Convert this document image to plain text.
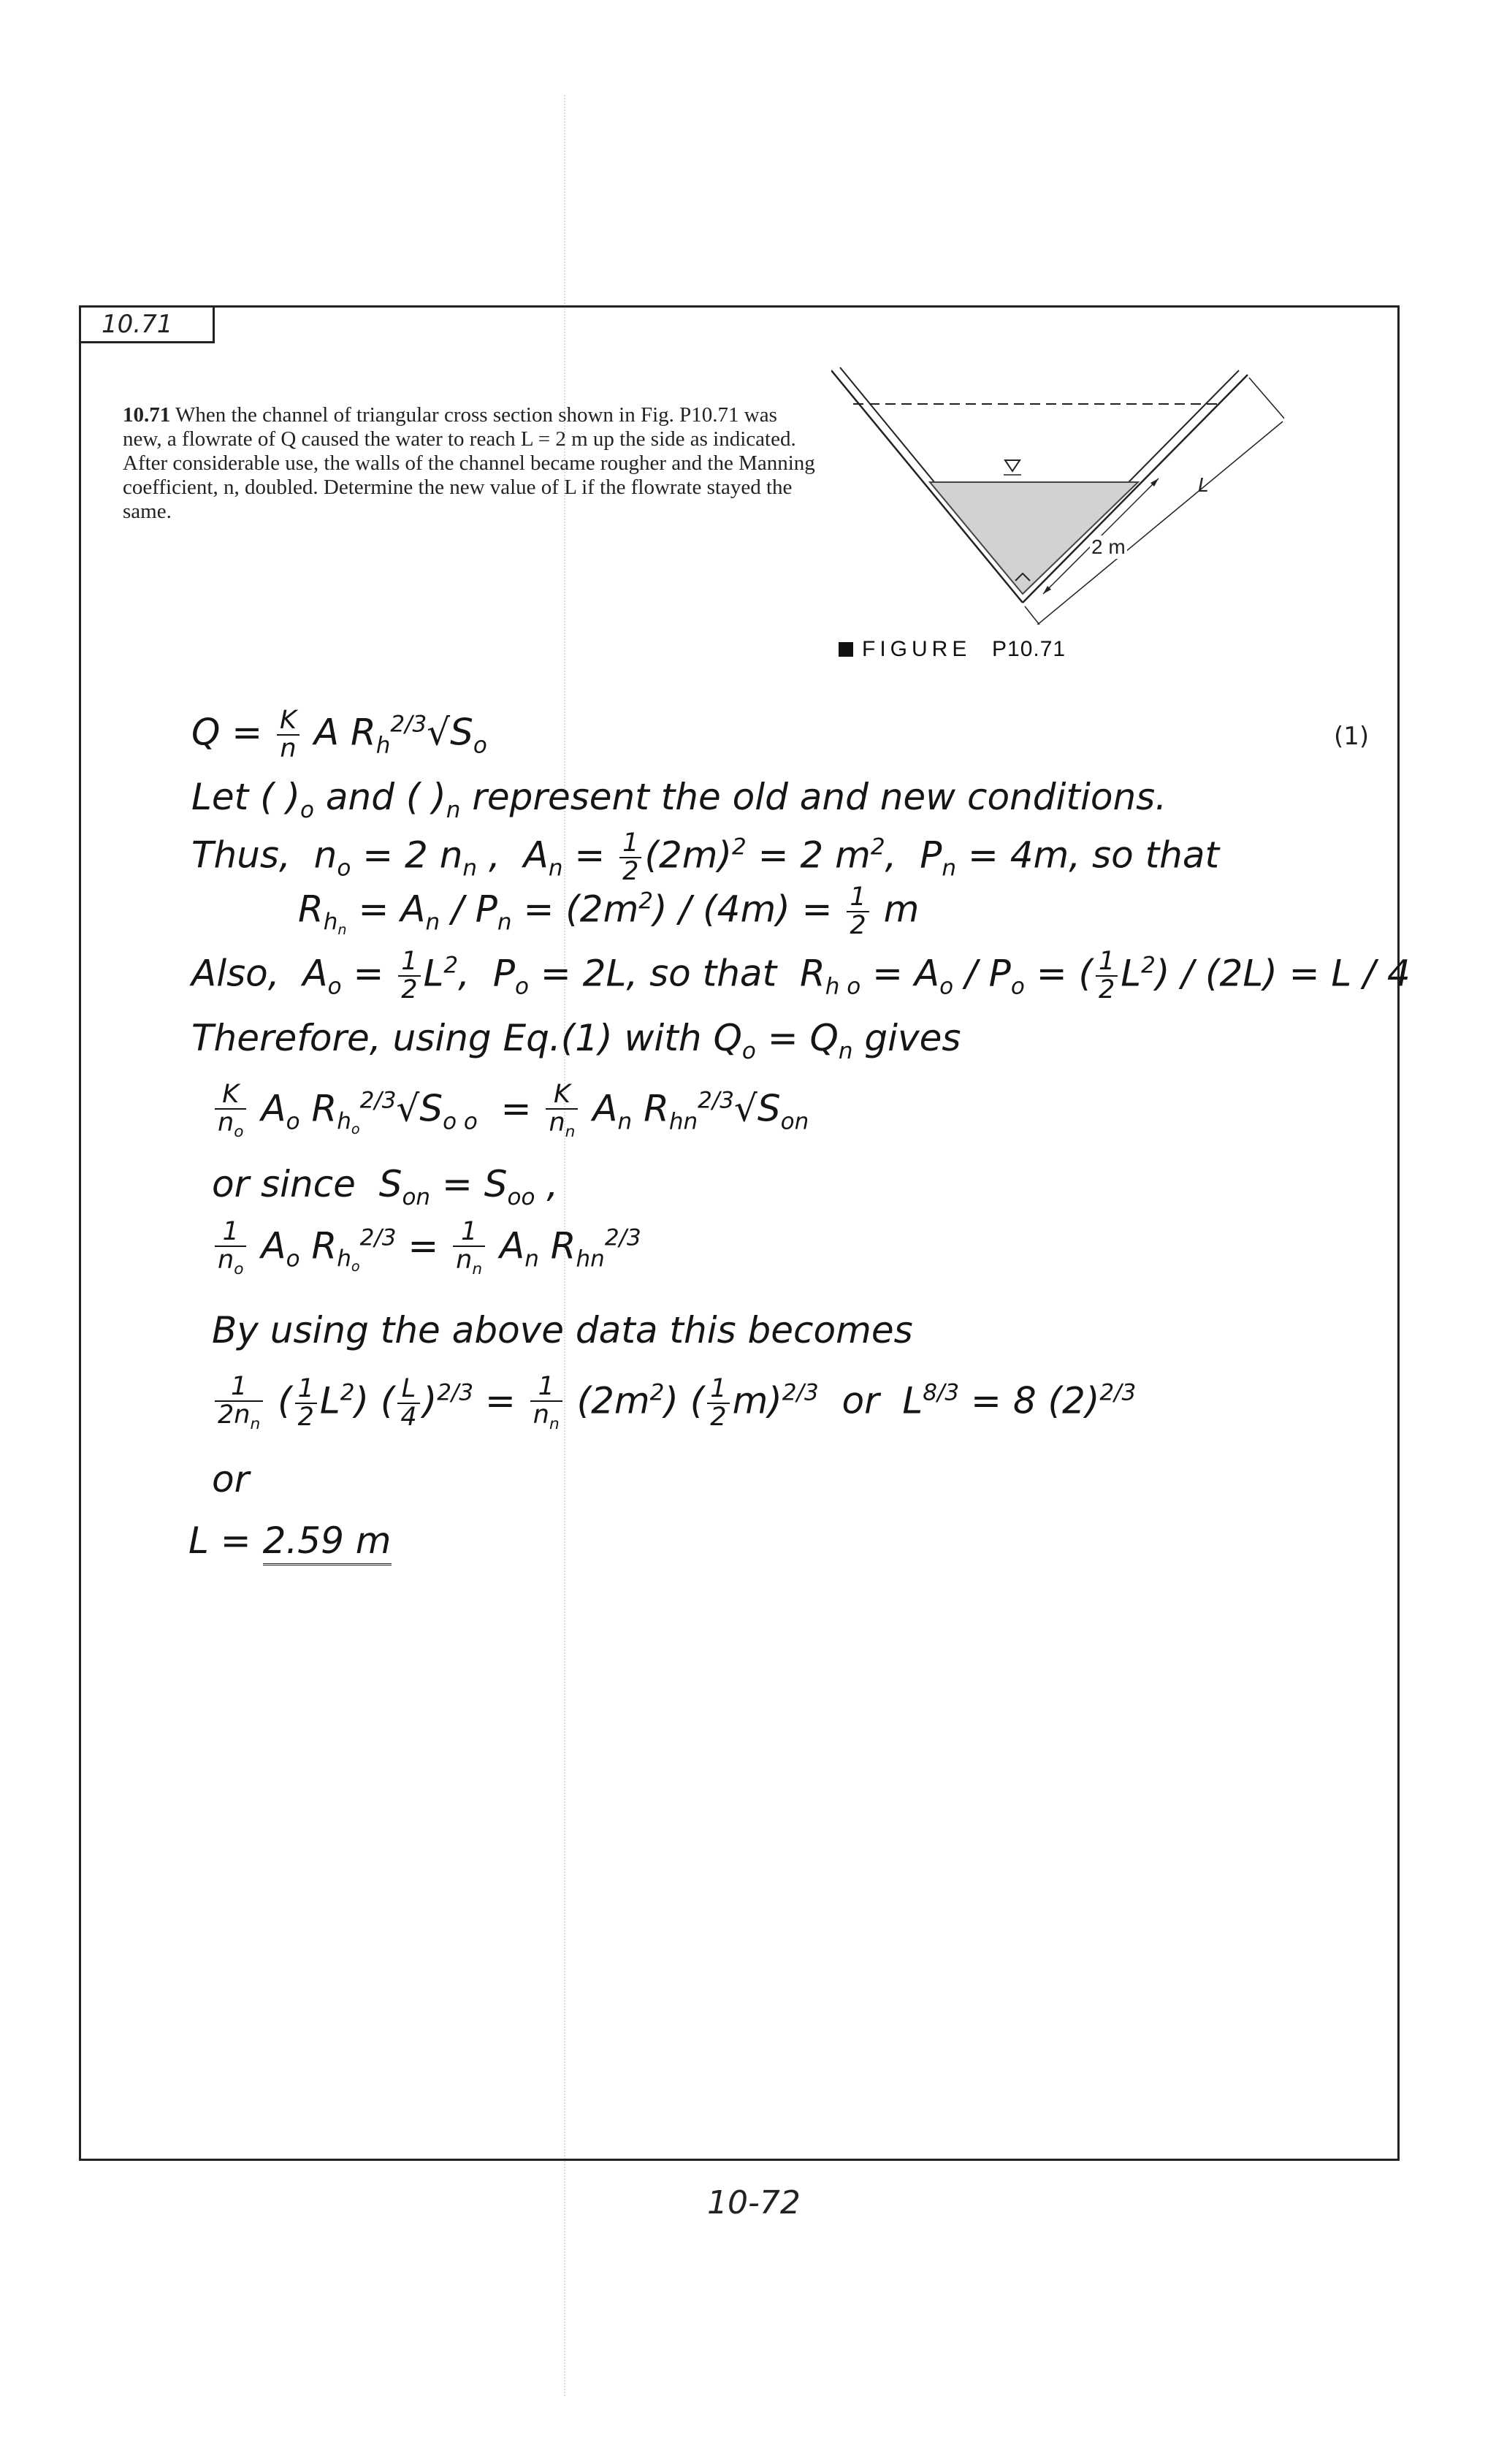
10.71
10.71 When the channel of triangular cross section shown in Fig. P10.71 was new, a flowrate of Q caused the water to reach L = 2 m up the side as indicated. After considerable use, the walls of the channel became rougher and the Manning coefficient, n, doubled. Determine the new value of L if the flowrate stayed the same.
L
2 m
FIGURE P10.71
$Q = \frac{K}{n}$ A $R_h^{2/3}√S_o$	(1)
Let ( )$_o$ and ( )$_n$ represent the old and new conditions.
Thus,  $n_o = 2$ $n_n$ ,  $A_n = \frac{1}{2} (2m)^2 = 2$ $m^2$,  $P_n = 4m$, so that
$R_{h_n} = A_n / P_n = (2m^2) / (4m) = \frac{1}{2}$ m
Also,  $A_o = \frac{1}{2} L^2$,  $P_o = 2L$, so that  $R_{h o} = A_o / P_o$ = ( $\frac{1}{2} L^2) / (2L) = L / 4$
Therefore, using Eq.(1) with $Q_o = Q_n$ gives
$\frac{K}{n_o} A_o$ $R_{h_o}^{2/3}√S_{o o} = \frac{K}{n_n} A_n$ $R_{hn}^{2/3}√S_{on}$
or since  $S_{on} = S_{oo}$ ,
$\frac{1}{n_o} A_o$ $R_{h_o}^{2/3} = \frac{1}{n_n} A_n$ $R_{hn}^{2/3}$
By using the above data this becomes
$\frac{1}{2n_n}$ ( $\frac{1}{2} L^2$) ( $\frac{L}{4} )^{2/3} = \frac{1}{n_n} (2m^2)$ ( $\frac{1}{2} m)^{2/3}$  or  $L^{8/3} = 8$ $(2)^{2/3}$
or
L = 2.59 m
10-72
